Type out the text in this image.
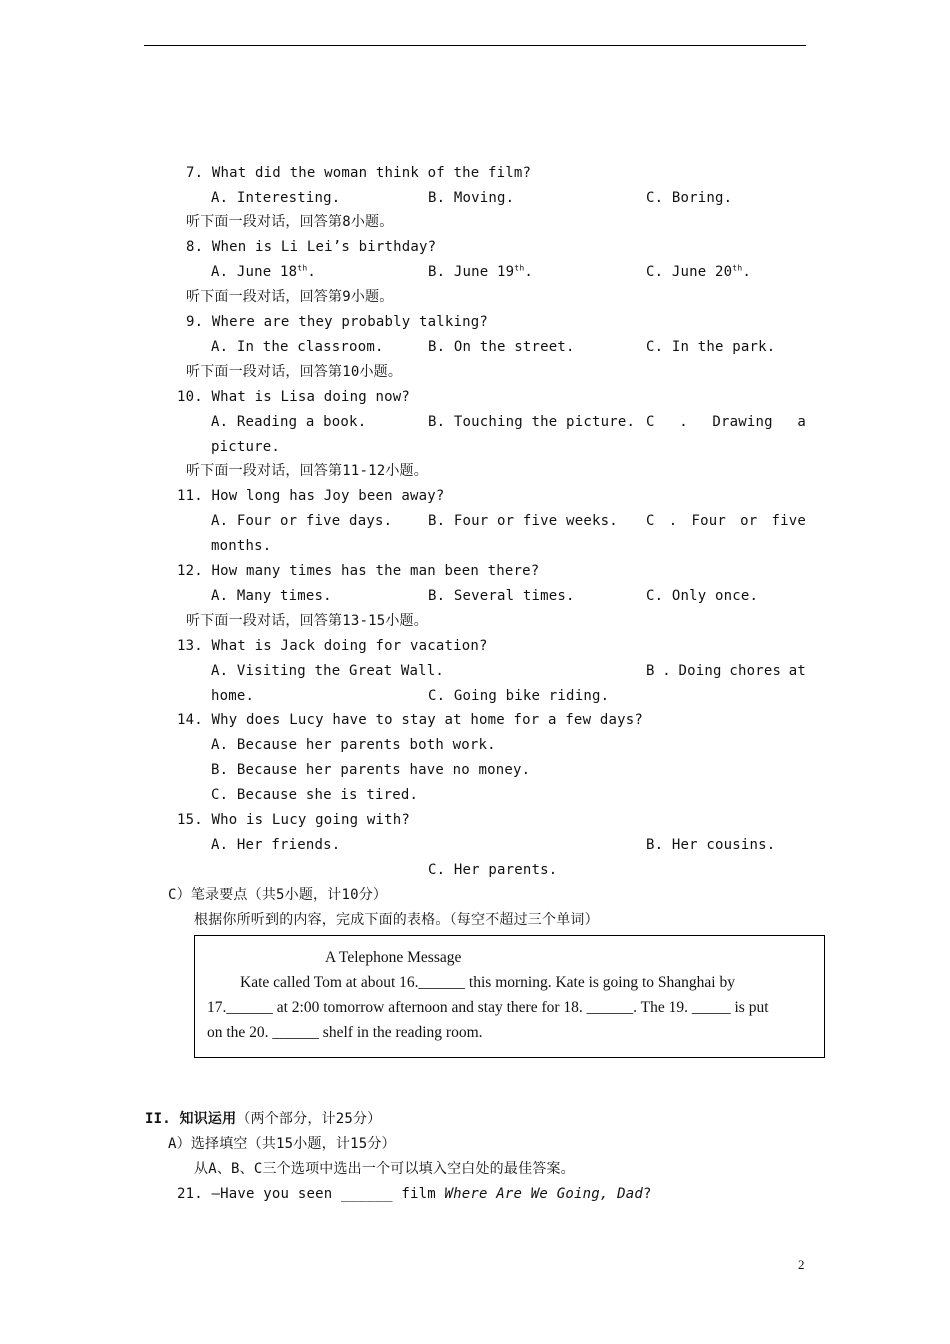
7. What did the woman think of the film?
A. Interesting.	B. Moving.	C. Boring.
听下面一段对话，回答第8小题。
8. When is Li Lei’s birthday?
A. June 18th.	B. June 19th.	C. June 20th.
听下面一段对话，回答第9小题。
9. Where are they probably talking?
A. In the classroom.	B. On the street.	C. In the park.
听下面一段对话，回答第10小题。
10. What is Lisa doing now?
A. Reading a book.	B. Touching the picture. C . Drawing a
picture.
听下面一段对话，回答第11-12小题。
11. How long has Joy been away?
A. Four or five days.	B. Four or five weeks. C . Four or five
months.
12. How many times has the man been there?
A. Many times.	B. Several times.	C. Only once.
听下面一段对话，回答第13-15小题。
13. What is Jack doing for vacation?
A. Visiting the Great Wall.	B . Doing chores at
home.	C. Going bike riding.
14. Why does Lucy have to stay at home for a few days?
A. Because her parents both work.
B. Because her parents have no money.
C. Because she is tired.
15. Who is Lucy going with?
A. Her friends.	B. Her cousins.
C. Her parents.
C）笔录要点（共5小题，计10分）
根据你所听到的内容，完成下面的表格。（每空不超过三个单词）
A Telephone Message
Kate called Tom at about 16.______ this morning. Kate is going to Shanghai by
17.______ at 2:00 tomorrow afternoon and stay there for 18. ______. The 19. _____ is put
on the 20. ______ shelf in the reading room.
II. 知识运用（两个部分，计25分）
A）选择填空（共15小题，计15分）
从A、B、C三个选项中选出一个可以填入空白处的最佳答案。
21. —Have you seen ______ film Where Are We Going, Dad?
2
